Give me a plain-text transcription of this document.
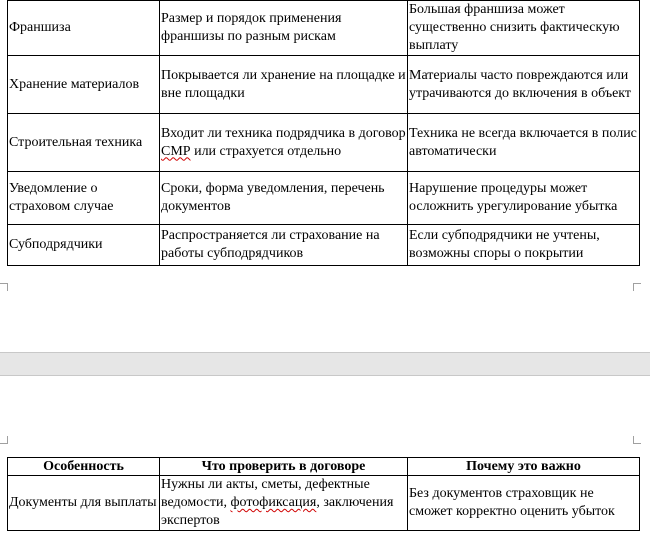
Франшиза	Размер и порядок применения франшизы по разным рискам	Большая франшиза может существенно снизить фактическую выплату
Хранение материалов	Покрывается ли хранение на площадке и вне площадки	Материалы часто повреждаются или утрачиваются до включения в объект
Строительная техника	Входит ли техника подрядчика в договор СМР или страхуется отдельно	Техника не всегда включается в полис автоматически
Уведомление о страховом случае	Сроки, форма уведомления, перечень документов	Нарушение процедуры может осложнить урегулирование убытка
Субподрядчики	Распространяется ли страхование на работы субподрядчиков	Если субподрядчики не учтены, возможны споры о покрытии
Особенность	Что проверить в договоре	Почему это важно
Документы для выплаты	Нужны ли акты, сметы, дефектные ведомости, фотофиксация, заключения экспертов	Без документов страховщик не сможет корректно оценить убыток
